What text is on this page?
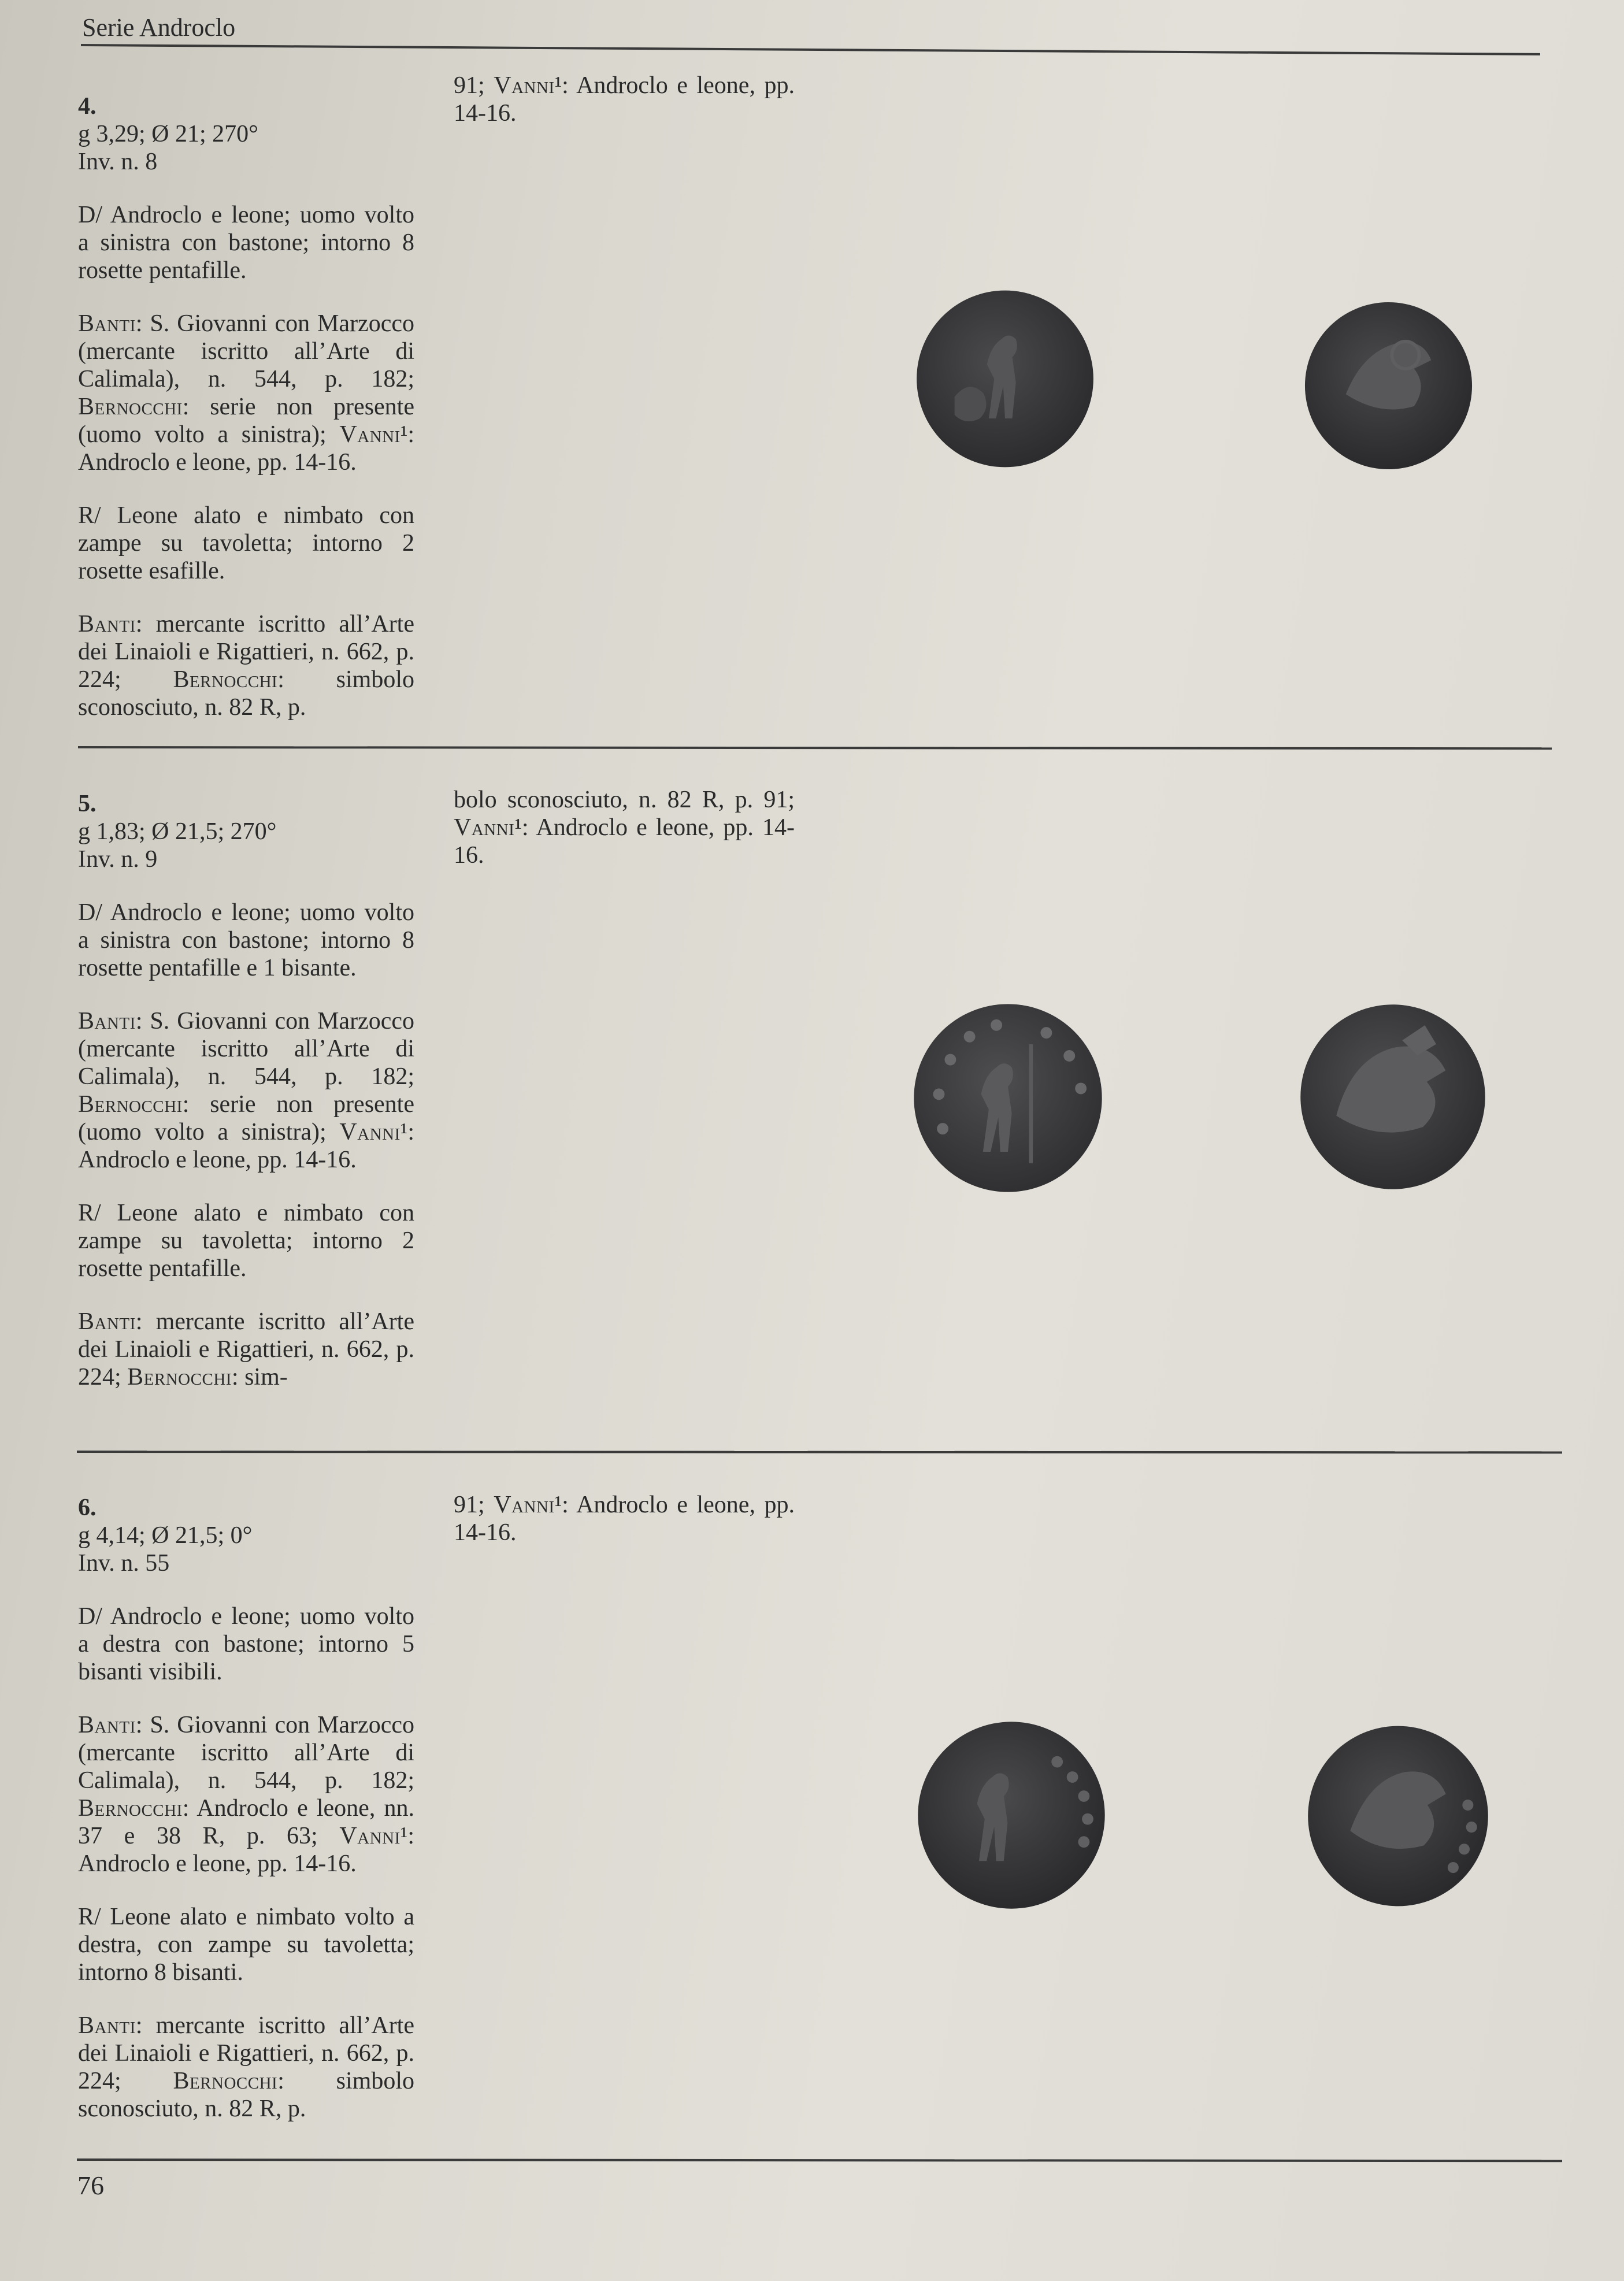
Serie Androclo

4.
g 3,29; Ø 21; 270°
Inv. n. 8

D/ Androclo e leone; uomo volto a sinistra con bastone; intorno 8 rosette pentafille.

Banti: S. Giovanni con Marzocco (mercante iscritto all’Arte di Calimala), n. 544, p. 182; Bernocchi: serie non presente (uomo volto a sinistra); Vanni¹: Androclo e leone, pp. 14-16.

R/ Leone alato e nimbato con zampe su tavoletta; intorno 2 rosette esafille.

Banti: mercante iscritto all’Arte dei Linaioli e Rigattieri, n. 662, p. 224; Bernocchi: simbolo sconosciuto, n. 82 R, p.

91; Vanni¹: Androclo e leone, pp. 14-16.

5.
g 1,83; Ø 21,5; 270°
Inv. n. 9

D/ Androclo e leone; uomo volto a sinistra con bastone; intorno 8 rosette pentafille e 1 bisante.

Banti: S. Giovanni con Marzocco (mercante iscritto all’Arte di Calimala), n. 544, p. 182; Bernocchi: serie non presente (uomo volto a sinistra); Vanni¹: Androclo e leone, pp. 14-16.

R/ Leone alato e nimbato con zampe su tavoletta; intorno 2 rosette pentafille.

Banti: mercante iscritto all’Arte dei Linaioli e Rigattieri, n. 662, p. 224; Bernocchi: sim-

bolo sconosciuto, n. 82 R, p. 91; Vanni¹: Androclo e leone, pp. 14-16.

6.
g 4,14; Ø 21,5; 0°
Inv. n. 55

D/ Androclo e leone; uomo volto a destra con bastone; intorno 5 bisanti visibili.

Banti: S. Giovanni con Marzocco (mercante iscritto all’Arte di Calimala), n. 544, p. 182; Bernocchi: Androclo e leone, nn. 37 e 38 R, p. 63; Vanni¹: Androclo e leone, pp. 14-16.

R/ Leone alato e nimbato volto a destra, con zampe su tavoletta; intorno 8 bisanti.

Banti: mercante iscritto all’Arte dei Linaioli e Rigattieri, n. 662, p. 224; Bernocchi: simbolo sconosciuto, n. 82 R, p.

91; Vanni¹: Androclo e leone, pp. 14-16.

76
